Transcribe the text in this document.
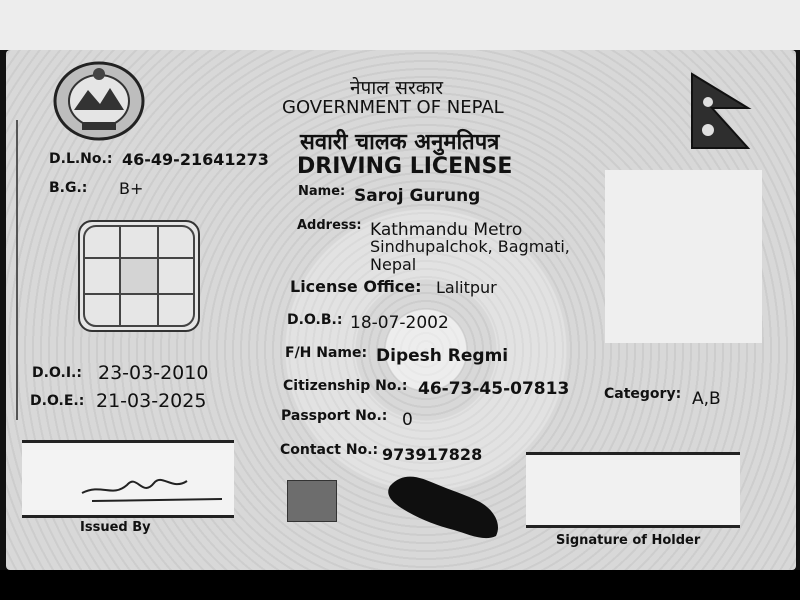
नेपाल सरकार
GOVERNMENT OF NEPAL
सवारी चालक अनुमतिपत्र
DRIVING LICENSE
D.L.No.: 46-49-21641273
B.G.: B+
D.O.I.: 23-03-2010
D.O.E.: 21-03-2025
Name: Saroj Gurung
Address: Kathmandu Metro
Sindhupalchok, Bagmati,
Nepal
License Office: Lalitpur
D.O.B.: 18-07-2002
F/H Name: Dipesh Regmi
Citizenship No.: 46-73-45-07813 Category: A,B
Passport No.: 0
Contact No.: 973917828
Issued By
Signature of Holder
